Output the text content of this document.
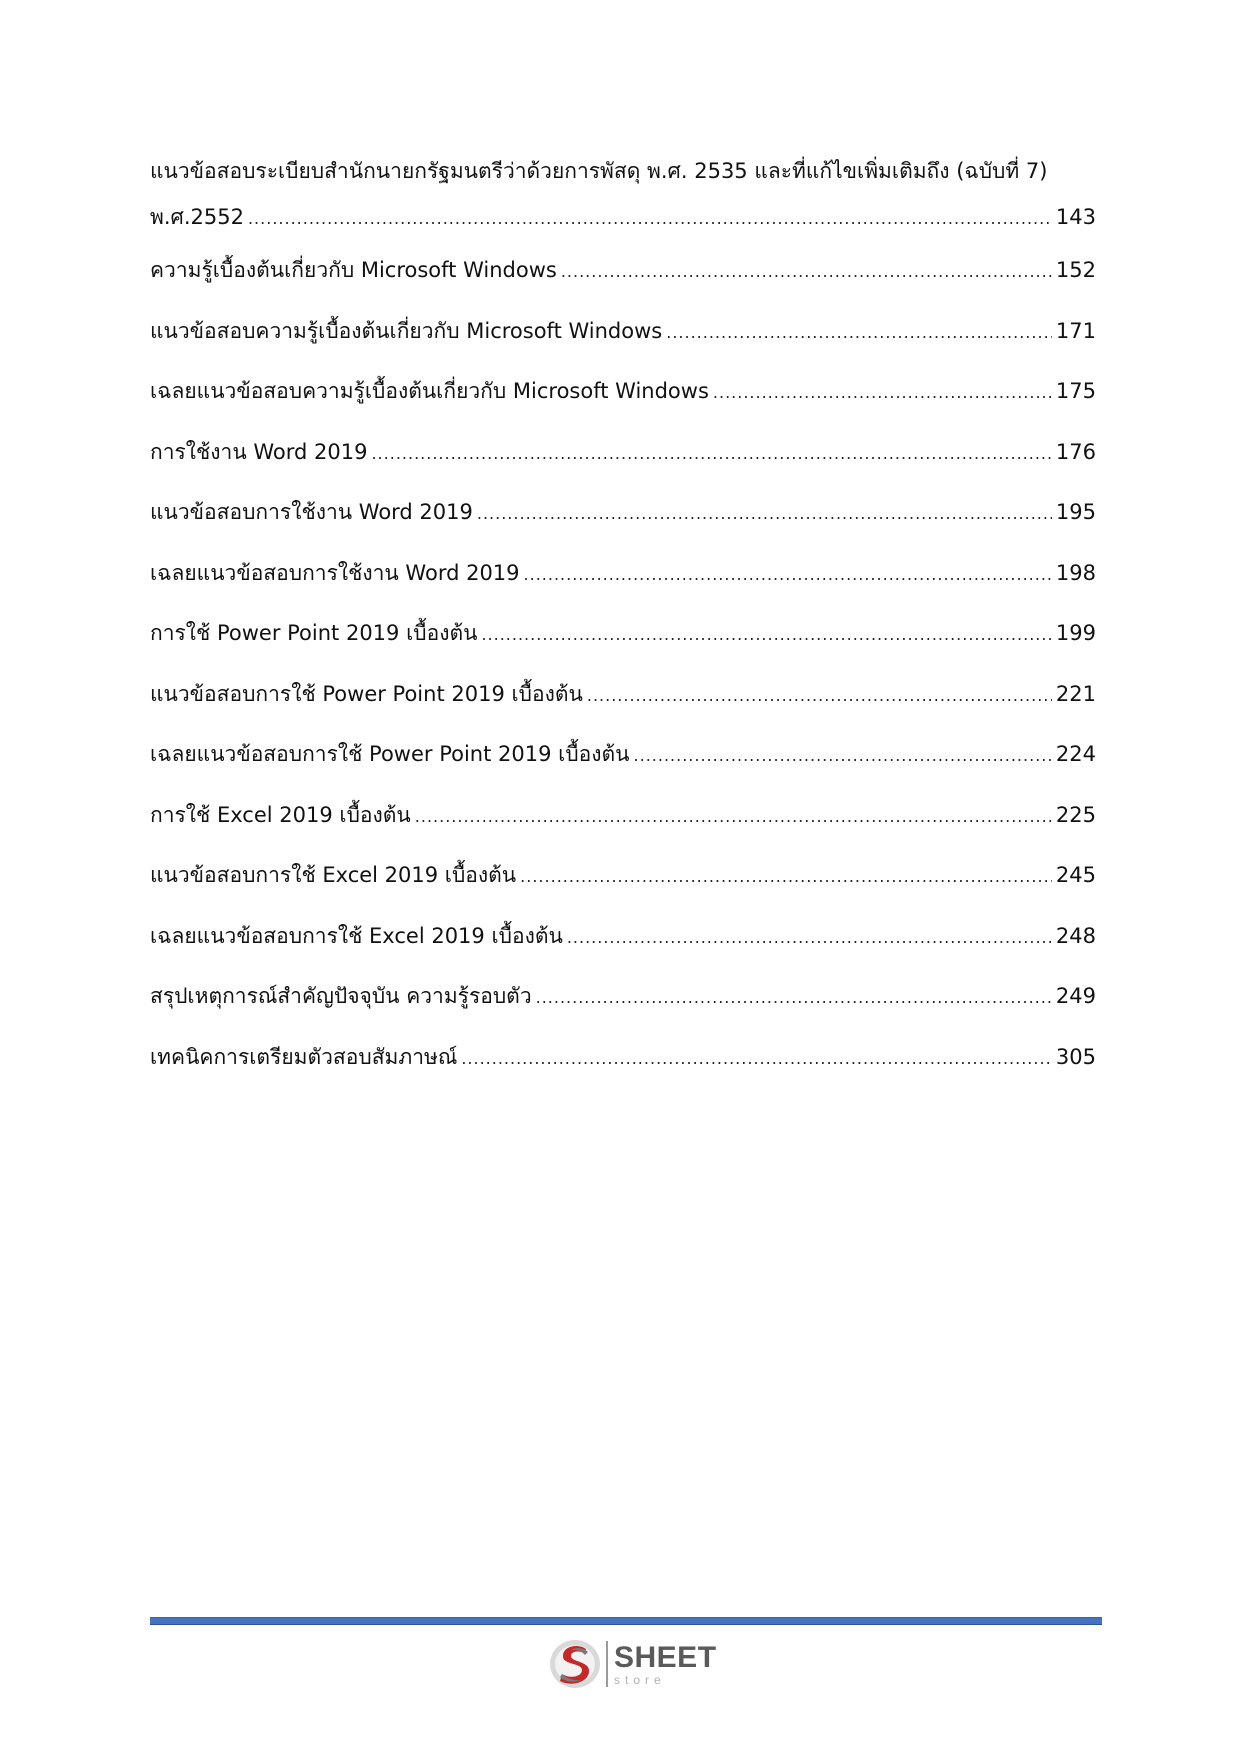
แนวข้อสอบระเบียบสำนักนายกรัฐมนตรีว่าด้วยการพัสดุ พ.ศ. 2535 และที่แก้ไขเพิ่มเติมถึง (ฉบับที่ 7)
พ.ศ.2552 .....	143
ความรู้เบื้องต้นเกี่ยวกับ Microsoft Windows .....	152
แนวข้อสอบความรู้เบื้องต้นเกี่ยวกับ Microsoft Windows .....	171
เฉลยแนวข้อสอบความรู้เบื้องต้นเกี่ยวกับ Microsoft Windows .....	175
การใช้งาน Word 2019 .....	176
แนวข้อสอบการใช้งาน Word 2019 .....	195
เฉลยแนวข้อสอบการใช้งาน Word 2019 .....	198
การใช้ Power Point 2019 เบื้องต้น .....	199
แนวข้อสอบการใช้ Power Point 2019 เบื้องต้น .....	221
เฉลยแนวข้อสอบการใช้ Power Point 2019 เบื้องต้น .....	224
การใช้ Excel 2019 เบื้องต้น .....	225
แนวข้อสอบการใช้ Excel 2019 เบื้องต้น .....	245
เฉลยแนวข้อสอบการใช้ Excel 2019 เบื้องต้น .....	248
สรุปเหตุการณ์สำคัญปัจจุบัน ความรู้รอบตัว .....	249
เทคนิคการเตรียมตัวสอบสัมภาษณ์ .....	305
SHEET
store
